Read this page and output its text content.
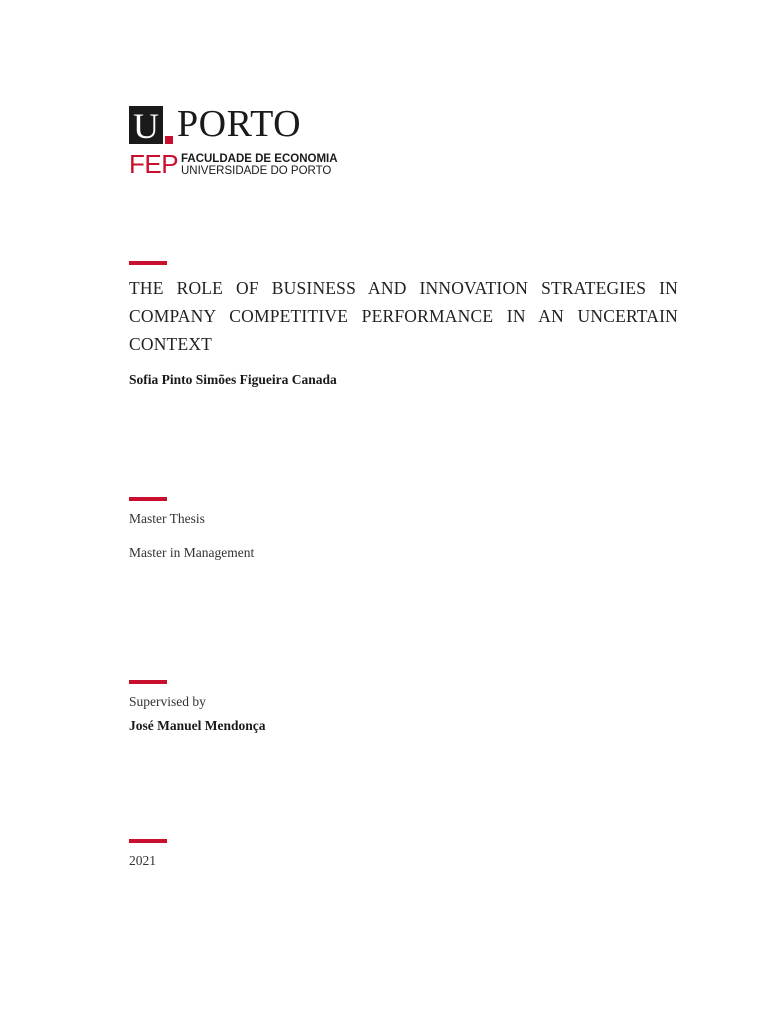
U PORTO
FEP FACULDADE DE ECONOMIA
UNIVERSIDADE DO PORTO
THE ROLE OF BUSINESS AND INNOVATION STRATEGIES IN COMPANY COMPETITIVE PERFORMANCE IN AN UNCERTAIN CONTEXT
Sofia Pinto Simões Figueira Canada
Master Thesis
Master in Management
Supervised by
José Manuel Mendonça
2021
